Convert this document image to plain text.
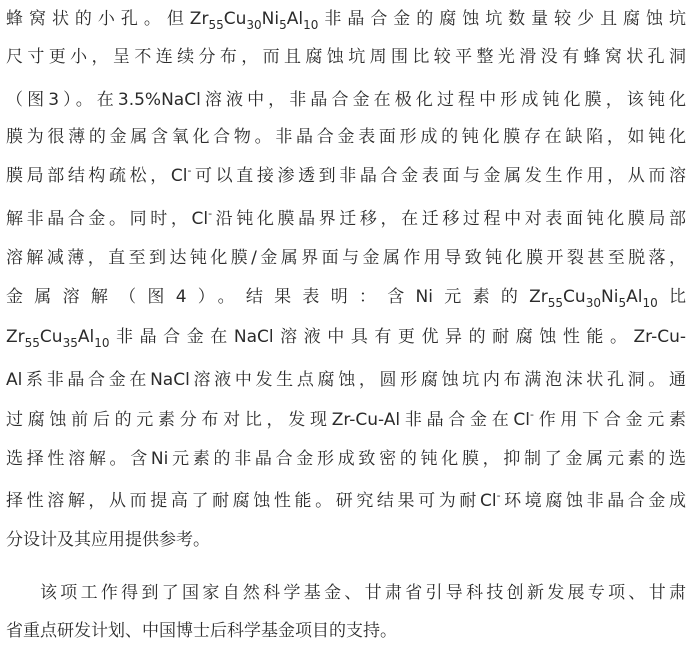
蜂窝状的小孔。但$Zr_{55}Cu_{30}Ni_5Al_{10}$非晶合金的腐蚀坑数量较少且腐蚀坑
尺寸更小，呈不连续分布，而且腐蚀坑周围比较平整光滑没有蜂窝状孔洞
（图3）。在3.5%NaCl溶液中，非晶合金在极化过程中形成钝化膜，该钝化
膜为很薄的金属含氧化合物。非晶合金表面形成的钝化膜存在缺陷，如钝化
膜局部结构疏松，Cl-可以直接渗透到非晶合金表面与金属发生作用，从而溶
解非晶合金。同时，Cl-沿钝化膜晶界迁移，在迁移过程中对表面钝化膜局部
溶解减薄，直至到达钝化膜/金属界面与金属作用导致钝化膜开裂甚至脱落，
金属溶解（图4）。结果表明：含Ni元素的$Zr_{55}Cu_{30}Ni_5Al_{10}$比
$Zr_{55}Cu_{35}Al_{10}$非晶合金在NaCl溶液中具有更优异的耐腐蚀性能。Zr-Cu-
Al系非晶合金在NaCl溶液中发生点腐蚀，圆形腐蚀坑内布满泡沫状孔洞。通
过腐蚀前后的元素分布对比，发现Zr-Cu-Al非晶合金在Cl-作用下合金元素
选择性溶解。含Ni元素的非晶合金形成致密的钝化膜，抑制了金属元素的选
择性溶解，从而提高了耐腐蚀性能。研究结果可为耐Cl-环境腐蚀非晶合金成
分设计及其应用提供参考。
该项工作得到了国家自然科学基金、甘肃省引导科技创新发展专项、甘肃
省重点研发计划、中国博士后科学基金项目的支持。
